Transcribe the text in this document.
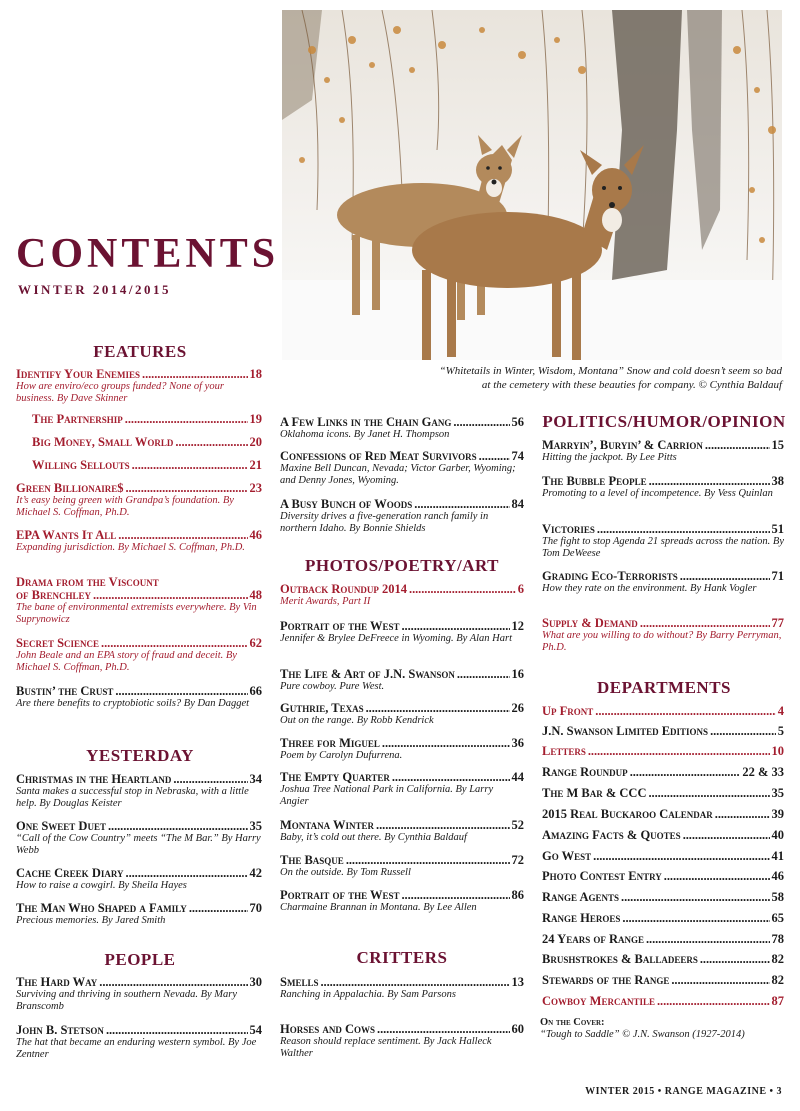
CONTENTS
WINTER 2014/2015
“Whitetails in Winter, Wisdom, Montana” Snow and cold doesn’t seem so bad
at the cemetery with these beauties for company. © Cynthia Baldauf
FEATURES
YESTERDAY
PEOPLE
PHOTOS/POETRY/ART
CRITTERS
POLITICS/HUMOR/OPINION
DEPARTMENTS
Identify Your Enemies . . .	18
How are enviro/eco groups funded? None of your business. By Dave Skinner
The Partnership . . .	19
Big Money, Small World . . .	20
Willing Sellouts . . .	21
Green Billionaire$ . . .	23
It’s easy being green with Grandpa’s foundation. By Michael S. Coffman, Ph.D.
EPA Wants It All . . .	46
Expanding jurisdiction. By Michael S. Coffman, Ph.D.
Drama from the Viscount
of Brenchley . . .	48
The bane of environmental extremists everywhere. By Vin Suprynowicz
Secret Science . . .	62
John Beale and an EPA story of fraud and deceit. By Michael S. Coffman, Ph.D.
Bustin’ the Crust . . .	66
Are there benefits to cryptobiotic soils? By Dan Dagget
Christmas in the Heartland . . .	34
Santa makes a successful stop in Nebraska, with a little help. By Douglas Keister
One Sweet Duet . . .	35
“Call of the Cow Country” meets “The M Bar.” By Harry Webb
Cache Creek Diary . . .	42
How to raise a cowgirl. By Sheila Hayes
The Man Who Shaped a Family . . .	70
Precious memories. By Jared Smith
The Hard Way . . .	30
Surviving and thriving in southern Nevada. By Mary Branscomb
John B. Stetson . . .	54
The hat that became an enduring western symbol. By Joe Zentner
A Few Links in the Chain Gang . . .	56
Oklahoma icons. By Janet H. Thompson
Confessions of Red Meat Survivors . . .	74
Maxine Bell Duncan, Nevada; Victor Garber, Wyoming; and Denny Jones, Wyoming.
A Busy Bunch of Woods . . .	84
Diversity drives a five-generation ranch family in northern Idaho. By Bonnie Shields
Outback Roundup 2014 . . .	6
Merit Awards, Part II
Portrait of the West . . .	12
Jennifer & Brylee DeFreece in Wyoming. By Alan Hart
The Life & Art of J.N. Swanson . . .	16
Pure cowboy. Pure West.
Guthrie, Texas . . .	26
Out on the range. By Robb Kendrick
Three for Miguel . . .	36
Poem by Carolyn Dufurrena.
The Empty Quarter . . .	44
Joshua Tree National Park in California. By Larry Angier
Montana Winter . . .	52
Baby, it’s cold out there. By Cynthia Baldauf
The Basque . . .	72
On the outside. By Tom Russell
Portrait of the West . . .	86
Charmaine Brannan in Montana. By Lee Allen
Smells . . .	13
Ranching in Appalachia. By Sam Parsons
Horses and Cows . . .	60
Reason should replace sentiment. By Jack Halleck Walther
Marryin’, Buryin’ & Carrion . . .	15
Hitting the jackpot. By Lee Pitts
The Bubble People . . .	38
Promoting to a level of incompetence. By Vess Quinlan
Victories . . .	51
The fight to stop Agenda 21 spreads across the nation. By Tom DeWeese
Grading Eco-Terrorists . . .	71
How they rate on the environment. By Hank Vogler
Supply & Demand . . .	77
What are you willing to do without? By Barry Perryman, Ph.D.
Up Front . . .	4
J.N. Swanson Limited Editions . . .	5
Letters . . .	10
Range Roundup . . .	22 & 33
The M Bar & CCC . . .	35
2015 Real Buckaroo Calendar . . .	39
Amazing Facts & Quotes . . .	40
Go West . . .	41
Photo Contest Entry . . .	46
Range Agents . . .	58
Range Heroes . . .	65
24 Years of Range . . .	78
Brushstrokes & Balladeers . . .	82
Stewards of the Range . . .	82
Cowboy Mercantile . . .	87
On the Cover:
“Tough to Saddle” © J.N. Swanson (1927-2014)
WINTER 2015 • RANGE MAGAZINE • 3
